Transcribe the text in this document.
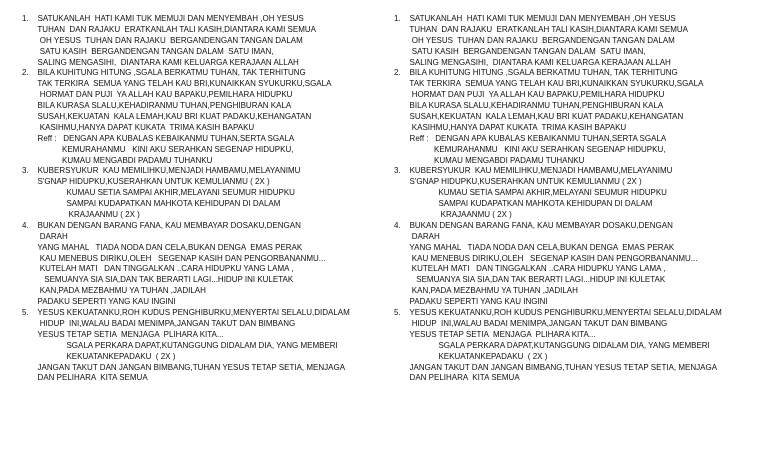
1.    SATUKANLAH  HATI KAMI TUK MEMUJI DAN MENYEMBAH ,OH YESUS
TUHAN  DAN RAJAKU  ERATKANLAH TALI KASIH,DIANTARA KAMI SEMUA
OH YESUS  TUHAN DAN RAJAKU  BERGANDENGAN TANGAN DALAM
SATU KASIH  BERGANDENGAN TANGAN DALAM  SATU IMAN,
SALING MENGASIHI,  DIANTARA KAMI KELUARGA KERAJAAN ALLAH
2.    BILA KUHITUNG HITUNG ,SGALA BERKATMU TUHAN, TAK TERHITUNG
TAK TERKIRA  SEMUA YANG TELAH KAU BRI,KUNAIKKAN SYUKURKU,SGALA
HORMAT DAN PUJI  YA ALLAH KAU BAPAKU,PEMILHARA HIDUPKU
BILA KURASA SLALU,KEHADIRANMU TUHAN,PENGHIBURAN KALA
SUSAH,KEKUATAN  KALA LEMAH,KAU BRI KUAT PADAKU,KEHANGATAN
KASIHMU,HANYA DAPAT KUKATA  TRIMA KASIH BAPAKU
Reff :   DENGAN APA KUBALAS KEBAIKANMU TUHAN,SERTA SGALA
KEMURAHANMU   KINI AKU SERAHKAN SEGENAP HIDUPKU,
KUMAU MENGABDI PADAMU TUHANKU
3.    KUBERSYUKUR  KAU MEMILIHKU,MENJADI HAMBAMU,MELAYANIMU
S'GNAP HIDUPKU,KUSERAHKAN UNTUK KEMULIANMU ( 2X )
KUMAU SETIA SAMPAI AKHIR,MELAYANI SEUMUR HIDUPKU
SAMPAI KUDAPATKAN MAHKOTA KEHIDUPAN DI DALAM
KRAJAANMU ( 2X )
4.    BUKAN DENGAN BARANG FANA, KAU MEMBAYAR DOSAKU,DENGAN
DARAH
YANG MAHAL   TIADA NODA DAN CELA,BUKAN DENGA  EMAS PERAK
KAU MENEBUS DIRIKU,OLEH   SEGENAP KASIH DAN PENGORBANANMU...
KUTELAH MATI   DAN TINGGALKAN ..CARA HIDUPKU YANG LAMA ,
SEMUANYA SIA SIA,DAN TAK BERARTI LAGI...HIDUP INI KULETAK
KAN,PADA MEZBAHMU YA TUHAN ,JADILAH
PADAKU SEPERTI YANG KAU INGINI
5.    YESUS KEKUATANKU,ROH KUDUS PENGHIBURKU,MENYERTAI SELALU,DIDALAM
HIDUP  INI,WALAU BADAI MENIMPA,JANGAN TAKUT DAN BIMBANG
YESUS TETAP SETIA  MENJAGA  PLIHARA KITA...
SGALA PERKARA DAPAT,KUTANGGUNG DIDALAM DIA, YANG MEMBERI
KEKUATANKEPADAKU  ( 2X )
JANGAN TAKUT DAN JANGAN BIMBANG,TUHAN YESUS TETAP SETIA, MENJAGA
DAN PELIHARA  KITA SEMUA
1.    SATUKANLAH  HATI KAMI TUK MEMUJI DAN MENYEMBAH ,OH YESUS
TUHAN  DAN RAJAKU  ERATKANLAH TALI KASIH,DIANTARA KAMI SEMUA
OH YESUS  TUHAN DAN RAJAKU  BERGANDENGAN TANGAN DALAM
SATU KASIH  BERGANDENGAN TANGAN DALAM  SATU IMAN,
SALING MENGASIHI,  DIANTARA KAMI KELUARGA KERAJAAN ALLAH
2.    BILA KUHITUNG HITUNG ,SGALA BERKATMU TUHAN, TAK TERHITUNG
TAK TERKIRA  SEMUA YANG TELAH KAU BRI,KUNAIKKAN SYUKURKU,SGALA
HORMAT DAN PUJI  YA ALLAH KAU BAPAKU,PEMILHARA HIDUPKU
BILA KURASA SLALU,KEHADIRANMU TUHAN,PENGHIBURAN KALA
SUSAH,KEKUATAN  KALA LEMAH,KAU BRI KUAT PADAKU,KEHANGATAN
KASIHMU,HANYA DAPAT KUKATA  TRIMA KASIH BAPAKU
Reff :   DENGAN APA KUBALAS KEBAIKANMU TUHAN,SERTA SGALA
KEMURAHANMU   KINI AKU SERAHKAN SEGENAP HIDUPKU,
KUMAU MENGABDI PADAMU TUHANKU
3.    KUBERSYUKUR  KAU MEMILIHKU,MENJADI HAMBAMU,MELAYANIMU
S'GNAP HIDUPKU,KUSERAHKAN UNTUK KEMULIANMU ( 2X )
KUMAU SETIA SAMPAI AKHIR,MELAYANI SEUMUR HIDUPKU
SAMPAI KUDAPATKAN MAHKOTA KEHIDUPAN DI DALAM
KRAJAANMU ( 2X )
4.    BUKAN DENGAN BARANG FANA, KAU MEMBAYAR DOSAKU,DENGAN
DARAH
YANG MAHAL   TIADA NODA DAN CELA,BUKAN DENGA  EMAS PERAK
KAU MENEBUS DIRIKU,OLEH   SEGENAP KASIH DAN PENGORBANANMU...
KUTELAH MATI   DAN TINGGALKAN ..CARA HIDUPKU YANG LAMA ,
SEMUANYA SIA SIA,DAN TAK BERARTI LAGI...HIDUP INI KULETAK
KAN,PADA MEZBAHMU YA TUHAN ,JADILAH
PADAKU SEPERTI YANG KAU INGINI
5.    YESUS KEKUATANKU,ROH KUDUS PENGHIBURKU,MENYERTAI SELALU,DIDALAM
HIDUP  INI,WALAU BADAI MENIMPA,JANGAN TAKUT DAN BIMBANG
YESUS TETAP SETIA  MENJAGA  PLIHARA KITA...
SGALA PERKARA DAPAT,KUTANGGUNG DIDALAM DIA, YANG MEMBERI
KEKUATANKEPADAKU  ( 2X )
JANGAN TAKUT DAN JANGAN BIMBANG,TUHAN YESUS TETAP SETIA, MENJAGA
DAN PELIHARA  KITA SEMUA
